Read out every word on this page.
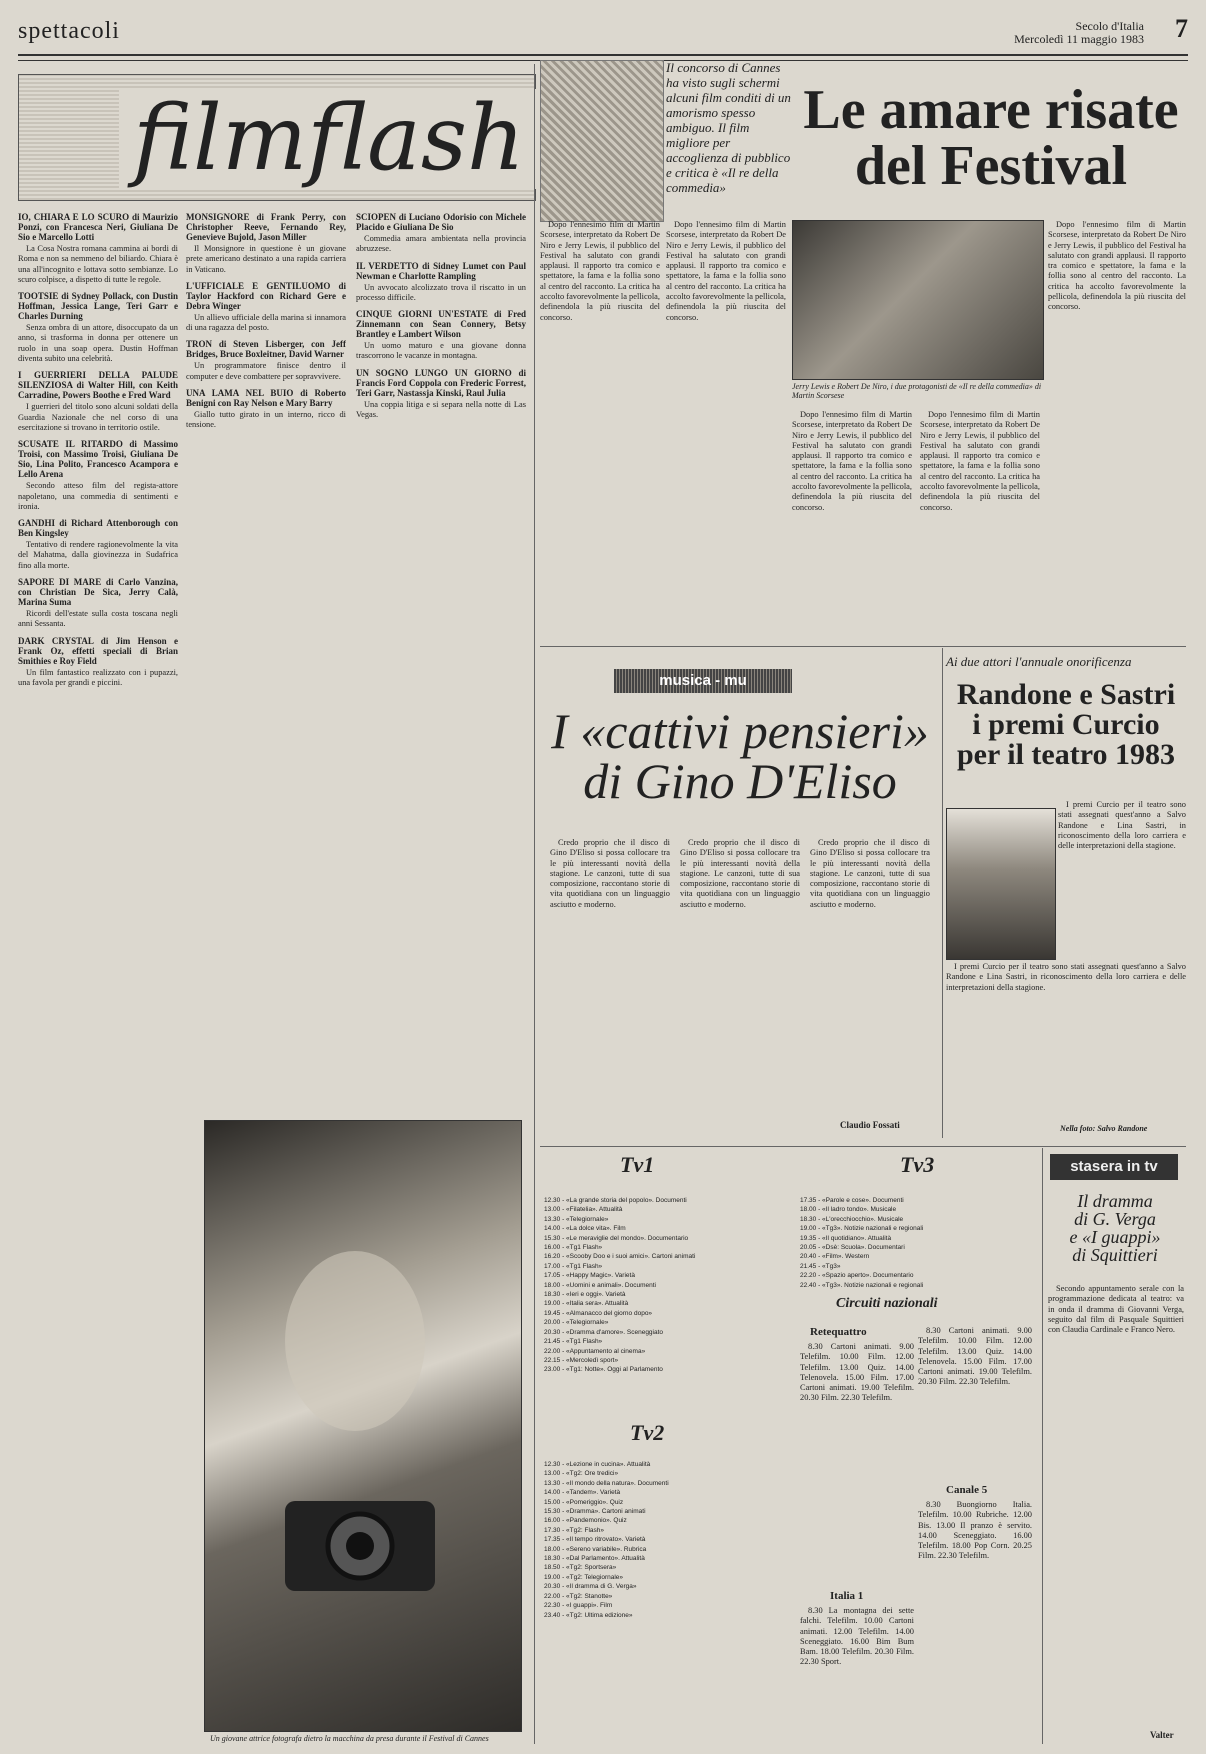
spettacoli	Secolo d'Italia
Mercoledì 11 maggio 1983 7
filmflash
IO, CHIARA E LO SCURO di Maurizio Ponzi, con Francesca Neri, Giuliana De Sio e Marcello Lotti

La Cosa Nostra romana cammina ai bordi di Roma e non sa nemmeno del biliardo. Chiara è una all'incognito e lottava sotto sembianze. Lo scuro colpisce, a dispetto di tutte le regole.

TOOTSIE di Sydney Pollack, con Dustin Hoffman, Jessica Lange, Teri Garr e Charles Durning

Senza ombra di un attore, disoccupato da un anno, si trasforma in donna per ottenere un ruolo in una soap opera. Dustin Hoffman diventa subito una celebrità.

I GUERRIERI DELLA PALUDE SILENZIOSA di Walter Hill, con Keith Carradine, Powers Boothe e Fred Ward

I guerrieri del titolo sono alcuni soldati della Guardia Nazionale che nel corso di una esercitazione si trovano in territorio ostile.

SCUSATE IL RITARDO di Massimo Troisi, con Massimo Troisi, Giuliana De Sio, Lina Polito, Francesco Acampora e Lello Arena

Secondo atteso film del regista-attore napoletano, una commedia di sentimenti e ironia.

GANDHI di Richard Attenborough con Ben Kingsley

Tentativo di rendere ragionevolmente la vita del Mahatma, dalla giovinezza in Sudafrica fino alla morte.

SAPORE DI MARE di Carlo Vanzina, con Christian De Sica, Jerry Calà, Marina Suma

Ricordi dell'estate sulla costa toscana negli anni Sessanta.

DARK CRYSTAL di Jim Henson e Frank Oz, effetti speciali di Brian Smithies e Roy Field

Un film fantastico realizzato con i pupazzi, una favola per grandi e piccini.

MONSIGNORE di Frank Perry, con Christopher Reeve, Fernando Rey, Genevieve Bujold, Jason Miller

Il Monsignore in questione è un giovane prete americano destinato a una rapida carriera in Vaticano.

L'UFFICIALE E GENTILUOMO di Taylor Hackford con Richard Gere e Debra Winger

Un allievo ufficiale della marina si innamora di una ragazza del posto.

TRON di Steven Lisberger, con Jeff Bridges, Bruce Boxleitner, David Warner

Un programmatore finisce dentro il computer e deve combattere per sopravvivere.

UNA LAMA NEL BUIO di Roberto Benigni con Ray Nelson e Mary Barry

Giallo tutto girato in un interno, ricco di tensione.

SCIOPEN di Luciano Odorisio con Michele Placido e Giuliana De Sio

Commedia amara ambientata nella provincia abruzzese.

IL VERDETTO di Sidney Lumet con Paul Newman e Charlotte Rampling

Un avvocato alcolizzato trova il riscatto in un processo difficile.

CINQUE GIORNI UN'ESTATE di Fred Zinnemann con Sean Connery, Betsy Brantley e Lambert Wilson

Un uomo maturo e una giovane donna trascorrono le vacanze in montagna.

UN SOGNO LUNGO UN GIORNO di Francis Ford Coppola con Frederic Forrest, Teri Garr, Nastassja Kinski, Raul Julia

Una coppia litiga e si separa nella notte di Las Vegas.

Un giovane attrice fotografa dietro la macchina da presa durante il Festival di Cannes
Il concorso di Cannes ha visto sugli schermi alcuni film conditi di un amorismo spesso ambiguo. Il film migliore per accoglienza di pubblico e critica è «Il re della commedia»
Le amare risate
del Festival

Dopo l'ennesimo film di Martin Scorsese, interpretato da Robert De Niro e Jerry Lewis, il pubblico del Festival ha salutato con grandi applausi. Il rapporto tra comico e spettatore, la fama e la follia sono al centro del racconto. La critica ha accolto favorevolmente la pellicola, definendola la più riuscita del concorso.

Dopo l'ennesimo film di Martin Scorsese, interpretato da Robert De Niro e Jerry Lewis, il pubblico del Festival ha salutato con grandi applausi. Il rapporto tra comico e spettatore, la fama e la follia sono al centro del racconto. La critica ha accolto favorevolmente la pellicola, definendola la più riuscita del concorso.

Jerry Lewis e Robert De Niro, i due protagonisti de «Il re della commedia» di Martin Scorsese

Dopo l'ennesimo film di Martin Scorsese, interpretato da Robert De Niro e Jerry Lewis, il pubblico del Festival ha salutato con grandi applausi. Il rapporto tra comico e spettatore, la fama e la follia sono al centro del racconto. La critica ha accolto favorevolmente la pellicola, definendola la più riuscita del concorso.

Dopo l'ennesimo film di Martin Scorsese, interpretato da Robert De Niro e Jerry Lewis, il pubblico del Festival ha salutato con grandi applausi. Il rapporto tra comico e spettatore, la fama e la follia sono al centro del racconto. La critica ha accolto favorevolmente la pellicola, definendola la più riuscita del concorso.

Dopo l'ennesimo film di Martin Scorsese, interpretato da Robert De Niro e Jerry Lewis, il pubblico del Festival ha salutato con grandi applausi. Il rapporto tra comico e spettatore, la fama e la follia sono al centro del racconto. La critica ha accolto favorevolmente la pellicola, definendola la più riuscita del concorso.

musica - mu
I «cattivi pensieri»
di Gino D'Eliso

Credo proprio che il disco di Gino D'Eliso si possa collocare tra le più interessanti novità della stagione. Le canzoni, tutte di sua composizione, raccontano storie di vita quotidiana con un linguaggio asciutto e moderno.

Credo proprio che il disco di Gino D'Eliso si possa collocare tra le più interessanti novità della stagione. Le canzoni, tutte di sua composizione, raccontano storie di vita quotidiana con un linguaggio asciutto e moderno.

Credo proprio che il disco di Gino D'Eliso si possa collocare tra le più interessanti novità della stagione. Le canzoni, tutte di sua composizione, raccontano storie di vita quotidiana con un linguaggio asciutto e moderno.

Claudio Fossati
Ai due attori l'annuale onorificenza
Randone e Sastri
i premi Curcio
per il teatro 1983

I premi Curcio per il teatro sono stati assegnati quest'anno a Salvo Randone e Lina Sastri, in riconoscimento della loro carriera e delle interpretazioni della stagione.

I premi Curcio per il teatro sono stati assegnati quest'anno a Salvo Randone e Lina Sastri, in riconoscimento della loro carriera e delle interpretazioni della stagione.

Nella foto: Salvo Randone
Tv1	Tv3
12.30 - «La grande storia del popolo». Documenti
13.00 - «Filatelia». Attualità
13.30 - «Telegiornale»
14.00 - «La dolce vita». Film
15.30 - «Le meraviglie del mondo». Documentario
16.00 - «Tg1 Flash»
16.20 - «Scooby Doo e i suoi amici». Cartoni animati
17.00 - «Tg1 Flash»
17.05 - «Happy Magic». Varietà
18.00 - «Uomini e animali». Documenti
18.30 - «Ieri e oggi». Varietà
19.00 - «Italia sera». Attualità
19.45 - «Almanacco del giorno dopo»
20.00 - «Telegiornale»
20.30 - «Dramma d'amore». Sceneggiato
21.45 - «Tg1 Flash»
22.00 - «Appuntamento al cinema»
22.15 - «Mercoledì sport»
23.00 - «Tg1: Notte». Oggi al Parlamento
Tv2
12.30 - «Lezione in cucina». Attualità
13.00 - «Tg2: Ore tredici»
13.30 - «Il mondo della natura». Documenti
14.00 - «Tandem». Varietà
15.00 - «Pomeriggio». Quiz
15.30 - «Dramma». Cartoni animati
16.00 - «Pandemonio». Quiz
17.30 - «Tg2: Flash»
17.35 - «Il tempo ritrovato». Varietà
18.00 - «Sereno variabile». Rubrica
18.30 - «Dal Parlamento». Attualità
18.50 - «Tg2: Sportsera»
19.00 - «Tg2: Telegiornale»
20.30 - «Il dramma di G. Verga»
22.00 - «Tg2: Stanotte»
22.30 - «I guappi». Film
23.40 - «Tg2: Ultima edizione»
17.35 - «Parole e cose». Documenti
18.00 - «Il ladro tondo». Musicale
18.30 - «L'orecchiocchio». Musicale
19.00 - «Tg3». Notizie nazionali e regionali
19.35 - «Il quotidiano». Attualità
20.05 - «Dsè: Scuola». Documentari
20.40 - «Film». Western
21.45 - «Tg3»
22.20 - «Spazio aperto». Documentario
22.40 - «Tg3». Notizie nazionali e regionali
Circuiti nazionali
Retequattro

8.30 Cartoni animati. 9.00 Telefilm. 10.00 Film. 12.00 Telefilm. 13.00 Quiz. 14.00 Telenovela. 15.00 Film. 17.00 Cartoni animati. 19.00 Telefilm. 20.30 Film. 22.30 Telefilm.

8.30 Cartoni animati. 9.00 Telefilm. 10.00 Film. 12.00 Telefilm. 13.00 Quiz. 14.00 Telenovela. 15.00 Film. 17.00 Cartoni animati. 19.00 Telefilm. 20.30 Film. 22.30 Telefilm.

Canale 5

8.30 Buongiorno Italia. Telefilm. 10.00 Rubriche. 12.00 Bis. 13.00 Il pranzo è servito. 14.00 Sceneggiato. 16.00 Telefilm. 18.00 Pop Corn. 20.25 Film. 22.30 Telefilm.

Italia 1

8.30 La montagna dei sette falchi. Telefilm. 10.00 Cartoni animati. 12.00 Telefilm. 14.00 Sceneggiato. 16.00 Bim Bum Bam. 18.00 Telefilm. 20.30 Film. 22.30 Sport.

stasera in tv
Il dramma
di G. Verga
e «I guappi»
di Squittieri

Secondo appuntamento serale con la programmazione dedicata al teatro: va in onda il dramma di Giovanni Verga, seguito dal film di Pasquale Squittieri con Claudia Cardinale e Franco Nero.

Valter
